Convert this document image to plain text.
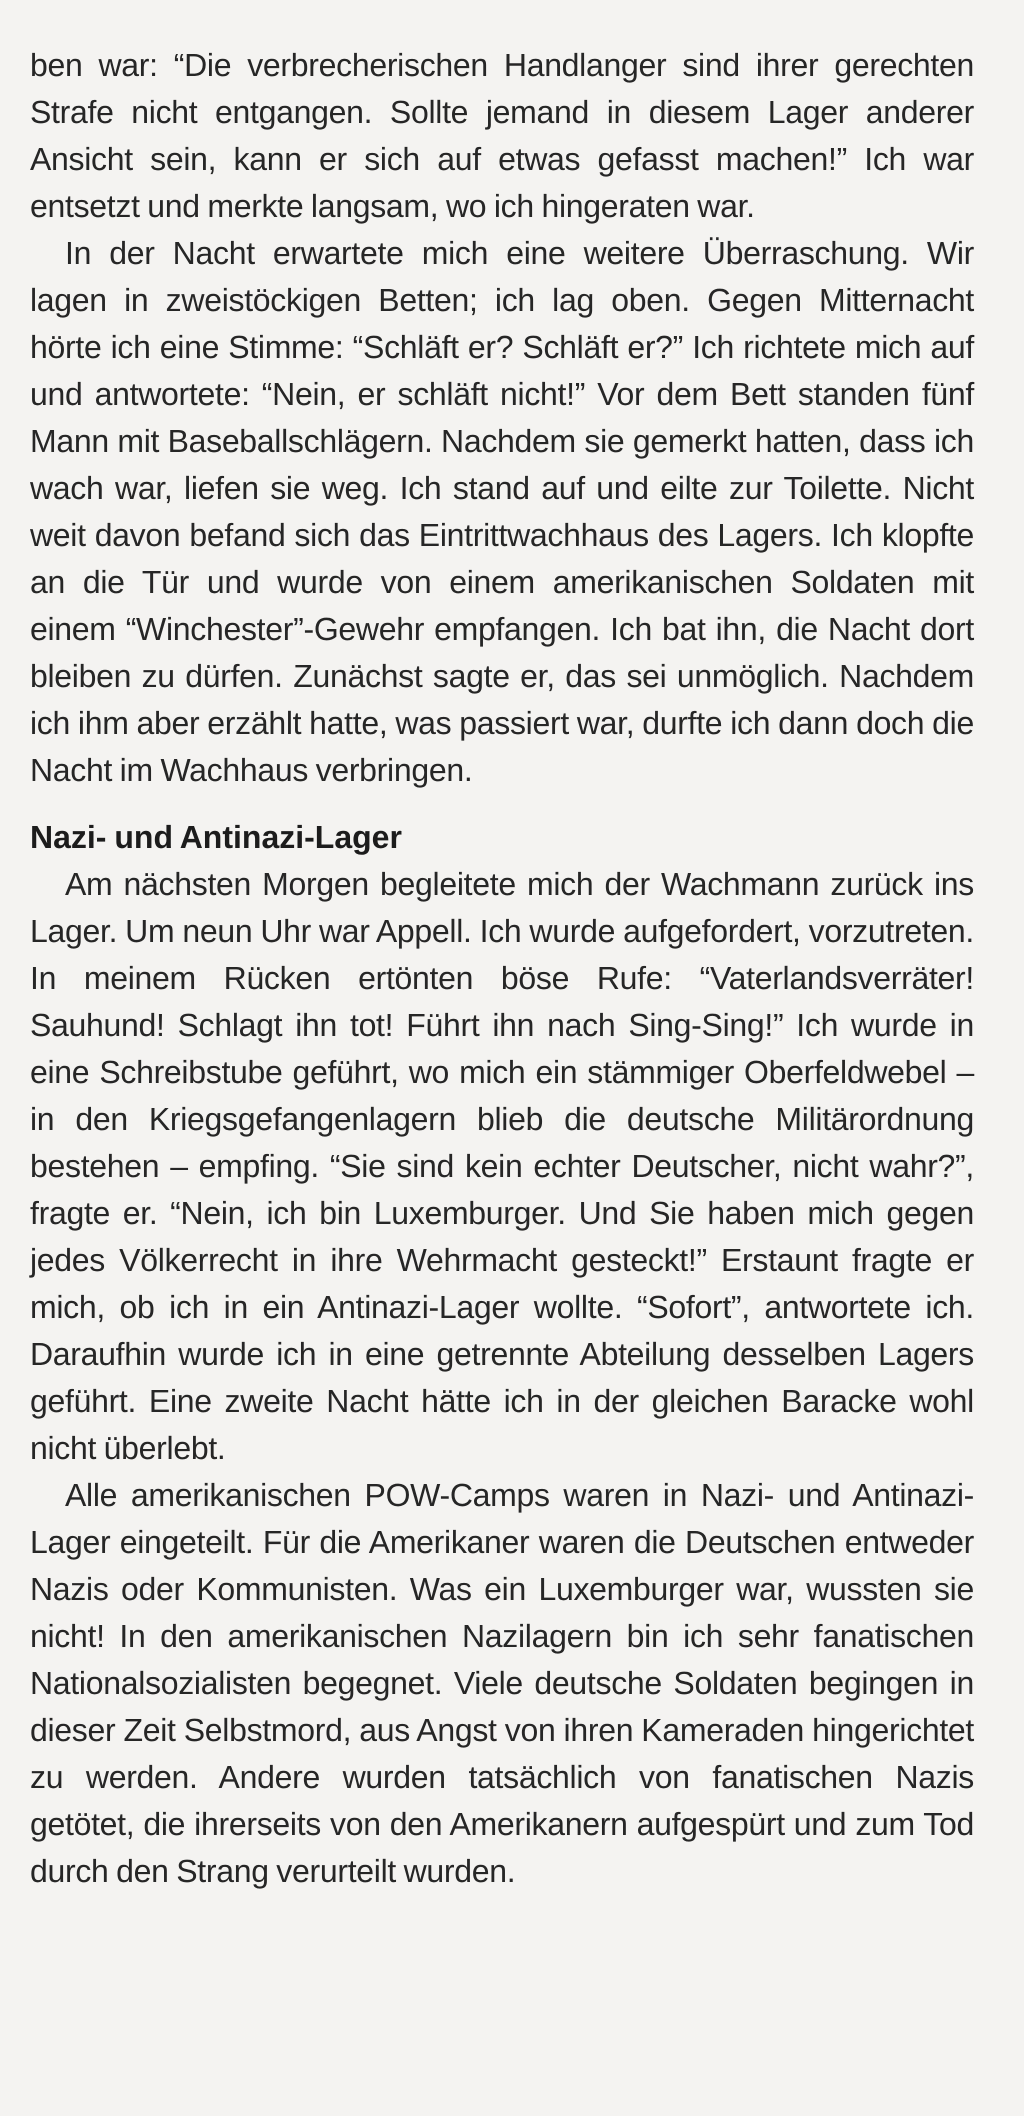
ben war: “Die verbrecherischen Handlanger sind ihrer gerechten Strafe nicht entgangen. Sollte jemand in diesem Lager anderer Ansicht sein, kann er sich auf etwas gefasst machen!” Ich war entsetzt und merkte langsam, wo ich hingeraten war.

In der Nacht erwartete mich eine weitere Überraschung. Wir lagen in zweistöckigen Betten; ich lag oben. Gegen Mitternacht hörte ich eine Stimme: “Schläft er? Schläft er?” Ich richtete mich auf und antwortete: “Nein, er schläft nicht!” Vor dem Bett standen fünf Mann mit Baseballschlägern. Nachdem sie gemerkt hatten, dass ich wach war, liefen sie weg. Ich stand auf und eilte zur Toilette. Nicht weit davon befand sich das Eintrittwachhaus des Lagers. Ich klopfte an die Tür und wurde von einem amerikanischen Soldaten mit einem “Winchester”-Gewehr empfangen. Ich bat ihn, die Nacht dort bleiben zu dürfen. Zunächst sagte er, das sei unmöglich. Nachdem ich ihm aber erzählt hatte, was passiert war, durfte ich dann doch die Nacht im Wachhaus verbringen.

Nazi- und Antinazi-Lager

Am nächsten Morgen begleitete mich der Wachmann zurück ins Lager. Um neun Uhr war Appell. Ich wurde aufgefordert, vorzutreten. In meinem Rücken ertönten böse Rufe: “Vaterlandsverräter! Sauhund! Schlagt ihn tot! Führt ihn nach Sing-Sing!” Ich wurde in eine Schreibstube geführt, wo mich ein stämmiger Oberfeldwebel – in den Kriegsgefangenlagern blieb die deutsche Militärordnung bestehen – empfing. “Sie sind kein echter Deutscher, nicht wahr?”, fragte er. “Nein, ich bin Luxemburger. Und Sie haben mich gegen jedes Völkerrecht in ihre Wehrmacht gesteckt!” Erstaunt fragte er mich, ob ich in ein Antinazi-Lager wollte. “Sofort”, antwortete ich. Daraufhin wurde ich in eine getrennte Abteilung desselben Lagers geführt. Eine zweite Nacht hätte ich in der gleichen Baracke wohl nicht überlebt.

Alle amerikanischen POW-Camps waren in Nazi- und Antinazi-Lager eingeteilt. Für die Amerikaner waren die Deutschen entweder Nazis oder Kommunisten. Was ein Luxemburger war, wussten sie nicht! In den amerikanischen Nazilagern bin ich sehr fanatischen Nationalsozialisten begegnet. Viele deutsche Soldaten begingen in dieser Zeit Selbstmord, aus Angst von ihren Kameraden hingerichtet zu werden. Andere wurden tatsächlich von fanatischen Nazis getötet, die ihrerseits von den Amerikanern aufgespürt und zum Tod durch den Strang verurteilt wurden.
